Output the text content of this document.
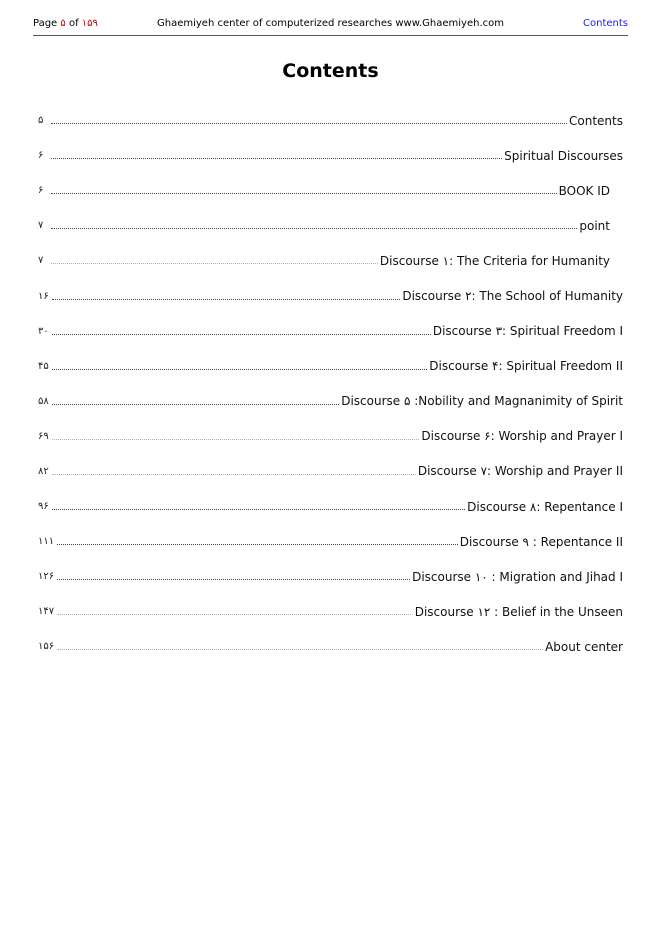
Page ۵ of ۱۵۹	Ghaemiyeh center of computerized researches www.Ghaemiyeh.com	Contents
Contents
۵	Contents
۶	Spiritual Discourses
۶	BOOK ID
۷	point
۷	Discourse ۱: The Criteria for Humanity
۱۶	Discourse ۲: The School of Humanity
۳۰	Discourse ۳: Spiritual Freedom I
۴۵	Discourse ۴: Spiritual Freedom II
۵۸	Discourse ۵ :Nobility and Magnanimity of Spirit
۶۹	Discourse ۶: Worship and Prayer I
۸۲	Discourse ۷: Worship and Prayer II
۹۶	Discourse ۸: Repentance I
۱۱۱	Discourse ۹ : Repentance II
۱۲۶	Discourse ۱۰ : Migration and Jihad I
۱۴۷	Discourse ۱۲ : Belief in the Unseen
۱۵۶	About center
